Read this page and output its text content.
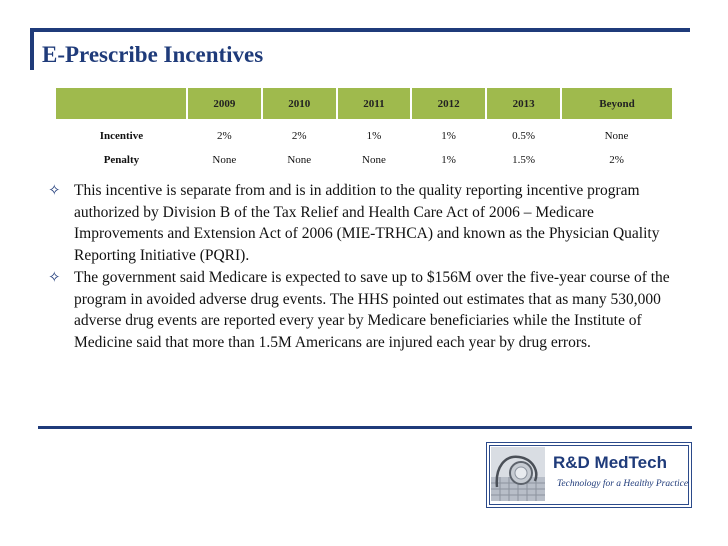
E-Prescribe Incentives
	2009	2010	2011	2012	2013	Beyond
Incentive	2%	2%	1%	1%	0.5%	None
Penalty	None	None	None	1%	1.5%	2%
✧ This incentive is separate from and is in addition to the quality reporting incentive program authorized by Division B of the Tax Relief and Health Care Act of 2006 – Medicare Improvements and Extension Act of 2006 (MIE-TRHCA) and known as the Physician Quality Reporting Initiative (PQRI).
✧ The government said Medicare is expected to save up to $156M over the five-year course of the program in avoided adverse drug events. The HHS pointed out estimates that as many 530,000 adverse drug events are reported every year by Medicare beneficiaries while the Institute of Medicine said that more than 1.5M Americans are injured each year by drug errors.
R&D MedTech
Technology for a Healthy Practice
